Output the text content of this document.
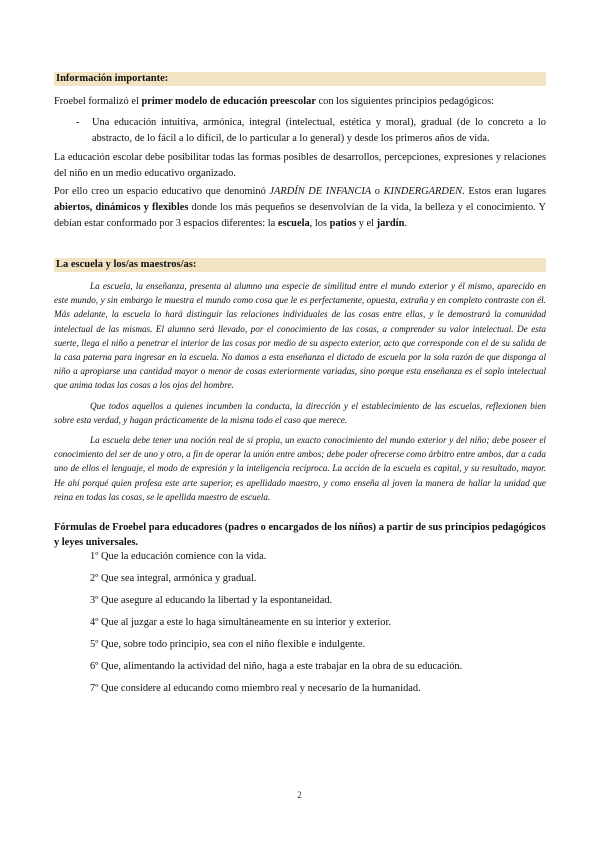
Información importante:

Froebel formalizó el primer modelo de educación preescolar con los siguientes principios pedagógicos:

- Una educación intuitiva, armónica, integral (intelectual, estética y moral), gradual (de lo concreto a lo abstracto, de lo fácil a lo difícil, de lo particular a lo general) y desde los primeros años de vida.

La educación escolar debe posibilitar todas las formas posibles de desarrollos, percepciones, expresiones y relaciones del niño en un medio educativo organizado.

Por ello creo un espacio educativo que denominó JARDÍN DE INFANCIA o KINDERGARDEN. Estos eran lugares abiertos, dinámicos y flexibles donde los más pequeños se desenvolvían de la vida, la belleza y el conocimiento. Y debían estar conformado por 3 espacios diferentes: la escuela, los patios y el jardín.

La escuela y los/as maestros/as:

La escuela, la enseñanza, presenta al alumno una especie de similitud entre el mundo exterior y él mismo, aparecido en este mundo, y sin embargo le muestra el mundo como cosa que le es perfectamente, opuesta, extraña y en completo contraste con él. Más adelante, la escuela lo hará distinguir las relaciones individuales de las cosas entre ellas, y le demostrará la comunidad intelectual de las mismas. El alumno será llevado, por el conocimiento de las cosas, a comprender su valor intelectual. De esta suerte, llega el niño a penetrar el interior de las cosas por medio de su aspecto exterior, acto que corresponde con el de su salida de la casa paterna para ingresar en la escuela. No damos a esta enseñanza el dictado de escuela por la sola razón de que disponga al niño a apropiarse una cantidad mayor o menor de cosas exteriormente variadas, sino porque esta enseñanza es el soplo intelectual que anima todas las cosas a los ojos del hombre.

Que todos aquellos a quienes incumben la conducta, la dirección y el establecimiento de las escuelas, reflexionen bien sobre esta verdad, y hagan prácticamente de la misma todo el caso que merece.

La escuela debe tener una noción real de sí propia, un exacto conocimiento del mundo exterior y del niño; debe poseer el conocimiento del ser de uno y otro, a fin de operar la unión entre ambos; debe poder ofrecerse como árbitro entre ambos, dar a cada uno de ellos el lenguaje, el modo de expresión y la inteligencia recíproca. La acción de la escuela es capital, y su resultado, mayor. He ahí porqué quien profesa este arte superior, es apellidado maestro, y como enseña al joven la manera de hallar la unidad que reina en todas las cosas, se le apellida maestro de escuela.

Fórmulas de Froebel para educadores (padres o encargados de los niños) a partir de sus principios pedagógicos y leyes universales.

1º Que la educación comience con la vida.
2º Que sea integral, armónica y gradual.
3º Que asegure al educando la libertad y la espontaneidad.
4º Que al juzgar a este lo haga simultáneamente en su interior y exterior.
5º Que, sobre todo principio, sea con el niño flexible e indulgente.
6º Que, alimentando la actividad del niño, haga a este trabajar en la obra de su educación.
7º Que considere al educando como miembro real y necesario de la humanidad.
2
